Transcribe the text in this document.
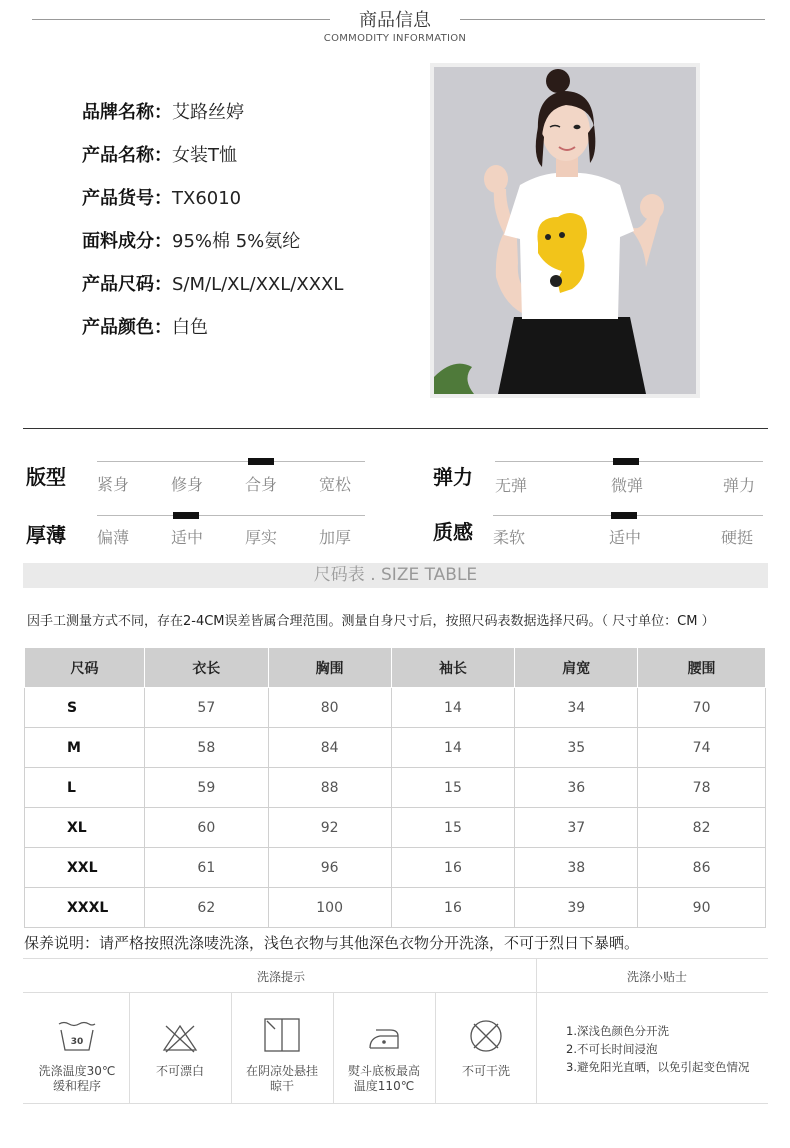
商品信息
COMMODITY INFORMATION
品牌名称：艾路丝婷
产品名称：女装T恤
产品货号：TX6010
面料成分：95%棉 5%氨纶
产品尺码：S/M/L/XL/XXL/XXXL
产品颜色：白色
版型 紧身	修身	合身	宽松	弹力 无弹	微弹	弹力
厚薄 偏薄	适中	厚实	加厚	质感 柔软	适中	硬挺
尺码表 . SIZE TABLE
因手工测量方式不同，存在2-4CM误差皆属合理范围。测量自身尺寸后，按照尺码表数据选择尺码。（ 尺寸单位：CM ）
尺码	衣长	胸围	袖长	肩宽	腰围
S	57	80	14	34	70
M	58	84	14	35	74
L	59	88	15	36	78
XL	60	92	15	37	82
XXL	61	96	16	38	86
XXXL	62	100	16	39	90
保养说明：请严格按照洗涤唛洗涤，浅色衣物与其他深色衣物分开洗涤，不可于烈日下暴晒。
洗涤提示	洗涤小贴士
30
洗涤温度30℃
缓和程序
不可漂白	在阴凉处悬挂
晾干
熨斗底板最高
温度110℃
不可干洗
1.深浅色颜色分开洗
2.不可长时间浸泡
3.避免阳光直晒，以免引起变色情况
